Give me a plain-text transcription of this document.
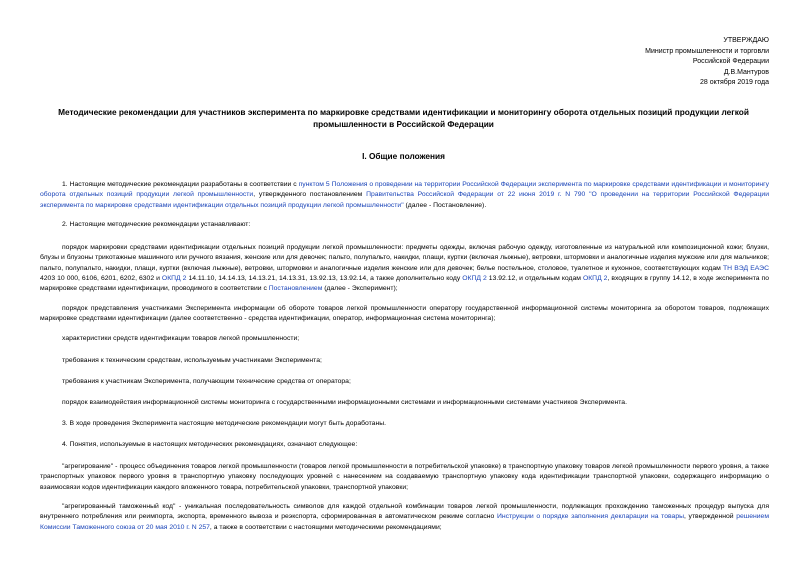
УТВЕРЖДАЮ
Министр промышленности и торговли
Российской Федерации
Д.В.Мантуров
28 октября 2019 года
Методические рекомендации для участников эксперимента по маркировке средствами идентификации и мониторингу оборота отдельных позиций продукции легкой промышленности в Российской Федерации
I. Общие положения
1. Настоящие методические рекомендации разработаны в соответствии с пунктом 5 Положения о проведении на территории Российской Федерации эксперимента по маркировке средствами идентификации и мониторингу оборота отдельных позиций продукции легкой промышленности, утвержденного постановлением Правительства Российской Федерации от 22 июня 2019 г. N 790 "О проведении на территории Российской Федерации эксперимента по маркировке средствами идентификации отдельных позиций продукции легкой промышленности" (далее - Постановление).
2. Настоящие методические рекомендации устанавливают:
порядок маркировки средствами идентификации отдельных позиций продукции легкой промышленности: предметы одежды, включая рабочую одежду, изготовленные из натуральной или композиционной кожи; блузки, блузы и блузоны трикотажные машинного или ручного вязания, женские или для девочек; пальто, полупальто, накидки, плащи, куртки (включая лыжные), ветровки, штормовки и аналогичные изделия мужские или для мальчиков; пальто, полупальто, накидки, плащи, куртки (включая лыжные), ветровки, штормовки и аналогичные изделия женские или для девочек; белье постельное, столовое, туалетное и кухонное, соответствующих кодам ТН ВЭД ЕАЭС 4203 10 000, 6106, 6201, 6202, 6302 и ОКПД 2 14.11.10, 14.14.13, 14.13.21, 14.13.31, 13.92.13, 13.92.14, а также дополнительно коду ОКПД 2 13.92.12, и отдельным кодам ОКПД 2, входящих в группу 14.12, в ходе эксперимента по маркировке средствами идентификации, проводимого в соответствии с Постановлением (далее - Эксперимент);
порядок представления участниками Эксперимента информации об обороте товаров легкой промышленности оператору государственной информационной системы мониторинга за оборотом товаров, подлежащих маркировке средствами идентификации (далее соответственно - средства идентификации, оператор, информационная система мониторинга);
характеристики средств идентификации товаров легкой промышленности;
требования к техническим средствам, используемым участниками Эксперимента;
требования к участникам Эксперимента, получающим технические средства от оператора;
порядок взаимодействия информационной системы мониторинга с государственными информационными системами и информационными системами участников Эксперимента.
3. В ходе проведения Эксперимента настоящие методические рекомендации могут быть доработаны.
4. Понятия, используемые в настоящих методических рекомендациях, означают следующее:
"агрегирование" - процесс объединения товаров легкой промышленности (товаров легкой промышленности в потребительской упаковке) в транспортную упаковку товаров легкой промышленности первого уровня, а также транспортных упаковок первого уровня в транспортную упаковку последующих уровней с нанесением на создаваемую транспортную упаковку кода идентификации транспортной упаковки, содержащего информацию о взаимосвязи кодов идентификации каждого вложенного товара, потребительской упаковки, транспортной упаковки;
"агрегированный таможенный код" - уникальная последовательность символов для каждой отдельной комбинации товаров легкой промышленности, подлежащих прохождению таможенных процедур выпуска для внутреннего потребления или реимпорта, экспорта, временного вывоза и реэкспорта, сформированная в автоматическом режиме согласно Инструкции о порядке заполнения декларации на товары, утвержденной решением Комиссии Таможенного союза от 20 мая 2010 г. N 257, а также в соответствии с настоящими методическими рекомендациями;
